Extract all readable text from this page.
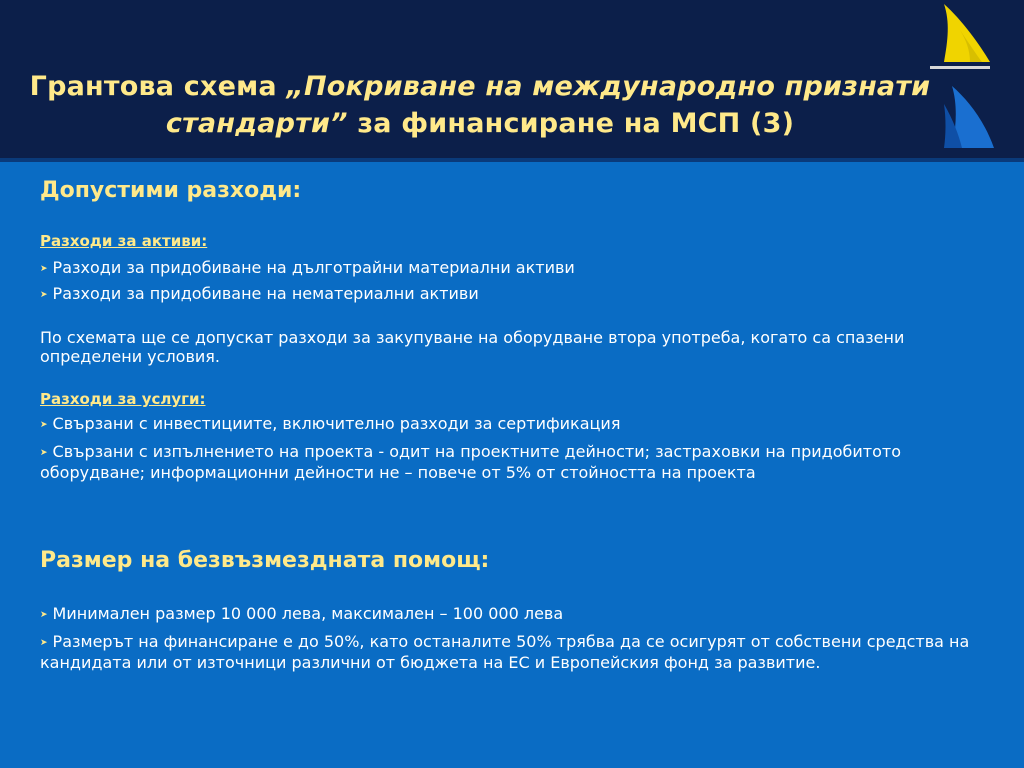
Грантова схема „Покриване на международно признати стандарти” за финансиране на МСП (3)
Допустими разходи:
Разходи за активи:
➤ Разходи за придобиване на дълготрайни материални активи
➤ Разходи за придобиване на нематериални активи
По схемата ще се допускат разходи за закупуване на оборудване втора употреба, когато са спазени определени условия.
Разходи за услуги:
➤ Свързани с инвестициите, включително разходи за сертификация
➤ Свързани с изпълнението на проекта - одит на проектните дейности; застраховки на придобитото оборудване; информационни дейности не – повече от 5% от стойността на проекта
Размер на безвъзмездната помощ:
➤ Минимален размер 10 000 лева, максимален – 100 000 лева
➤ Размерът на финансиране е до 50%, като останалите 50% трябва да се осигурят от собствени средства на кандидата или от източници различни от бюджета на ЕС и Европейския фонд за развитие.
